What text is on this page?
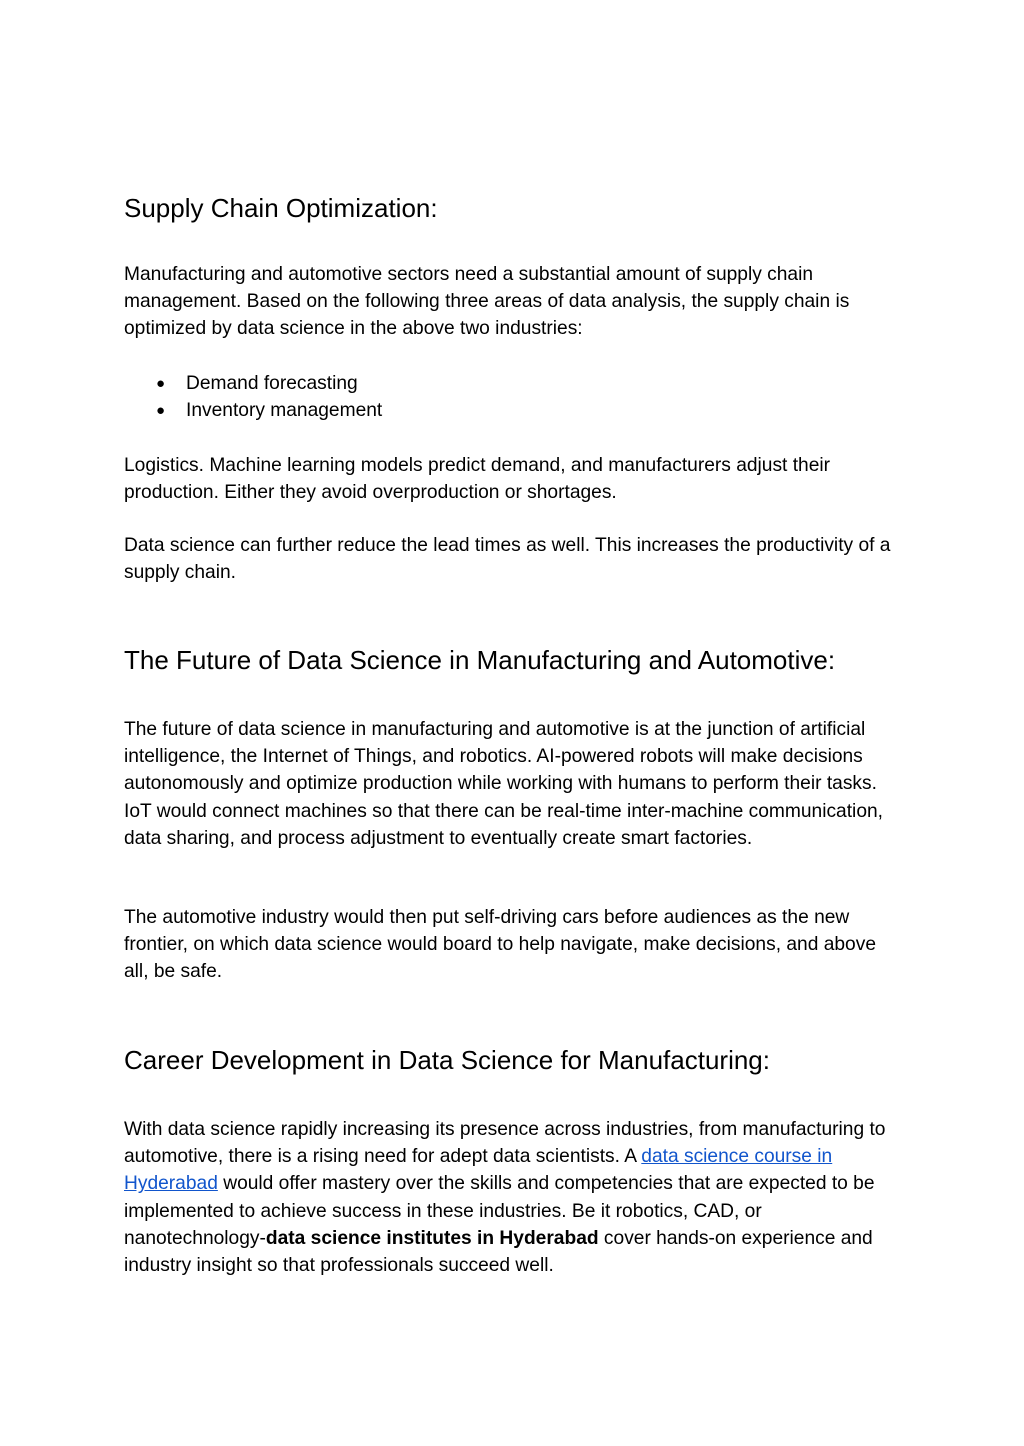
Supply Chain Optimization:

Manufacturing and automotive sectors need a substantial amount of supply chain management. Based on the following three areas of data analysis, the supply chain is optimized by data science in the above two industries:

● Demand forecasting
● Inventory management

Logistics. Machine learning models predict demand, and manufacturers adjust their production. Either they avoid overproduction or shortages.

Data science can further reduce the lead times as well. This increases the productivity of a supply chain.

The Future of Data Science in Manufacturing and Automotive:

The future of data science in manufacturing and automotive is at the junction of artificial intelligence, the Internet of Things, and robotics. AI-powered robots will make decisions autonomously and optimize production while working with humans to perform their tasks. IoT would connect machines so that there can be real-time inter-machine communication, data sharing, and process adjustment to eventually create smart factories.

The automotive industry would then put self-driving cars before audiences as the new frontier, on which data science would board to help navigate, make decisions, and above all, be safe.

Career Development in Data Science for Manufacturing:

With data science rapidly increasing its presence across industries, from manufacturing to automotive, there is a rising need for adept data scientists. A data science course in Hyderabad would offer mastery over the skills and competencies that are expected to be implemented to achieve success in these industries. Be it robotics, CAD, or nanotechnology-data science institutes in Hyderabad cover hands-on experience and industry insight so that professionals succeed well.
